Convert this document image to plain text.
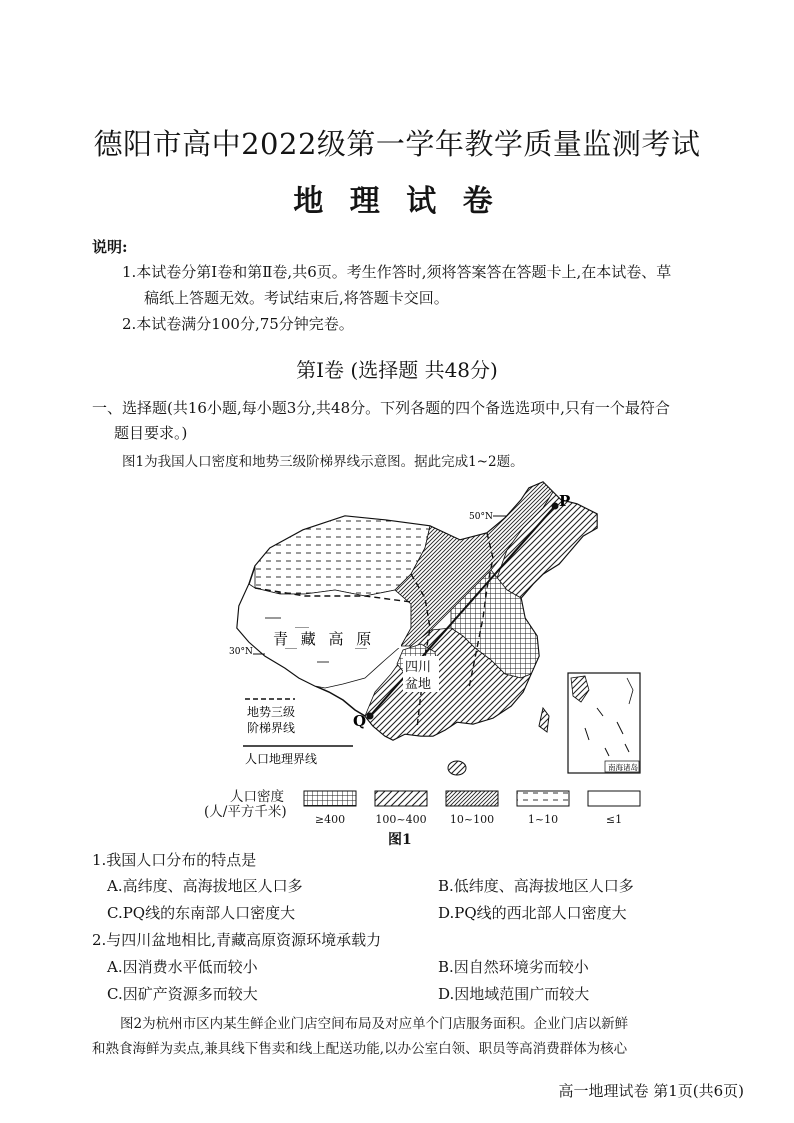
德阳市高中2022级第一学年教学质量监测考试
地 理 试 卷
说明:
1.本试卷分第Ⅰ卷和第Ⅱ卷,共6页。考生作答时,须将答案答在答题卡上,在本试卷、草
稿纸上答题无效。考试结束后,将答题卡交回。
2.本试卷满分100分,75分钟完卷。
第Ⅰ卷 (选择题 共48分)
一、选择题(共16小题,每小题3分,共48分。下列各题的四个备选选项中,只有一个最符合
题目要求。)
图1为我国人口密度和地势三级阶梯界线示意图。据此完成1~2题。
P
Q
50°N
30°N
青 藏 高 原
四川
盆地
地势三级
阶梯界线
人口地理界线
南海诸岛
人口密度
(人/平方千米)	≥400	100~400	10~100	1~10	≤1
图1
1.我国人口分布的特点是
A.高纬度、高海拔地区人口多	B.低纬度、高海拔地区人口多
C.PQ线的东南部人口密度大	D.PQ线的西北部人口密度大
2.与四川盆地相比,青藏高原资源环境承载力
A.因消费水平低而较小	B.因自然环境劣而较小
C.因矿产资源多而较大	D.因地域范围广而较大
图2为杭州市区内某生鲜企业门店空间布局及对应单个门店服务面积。企业门店以新鲜
和熟食海鲜为卖点,兼具线下售卖和线上配送功能,以办公室白领、职员等高消费群体为核心
高一地理试卷 第1页(共6页)
